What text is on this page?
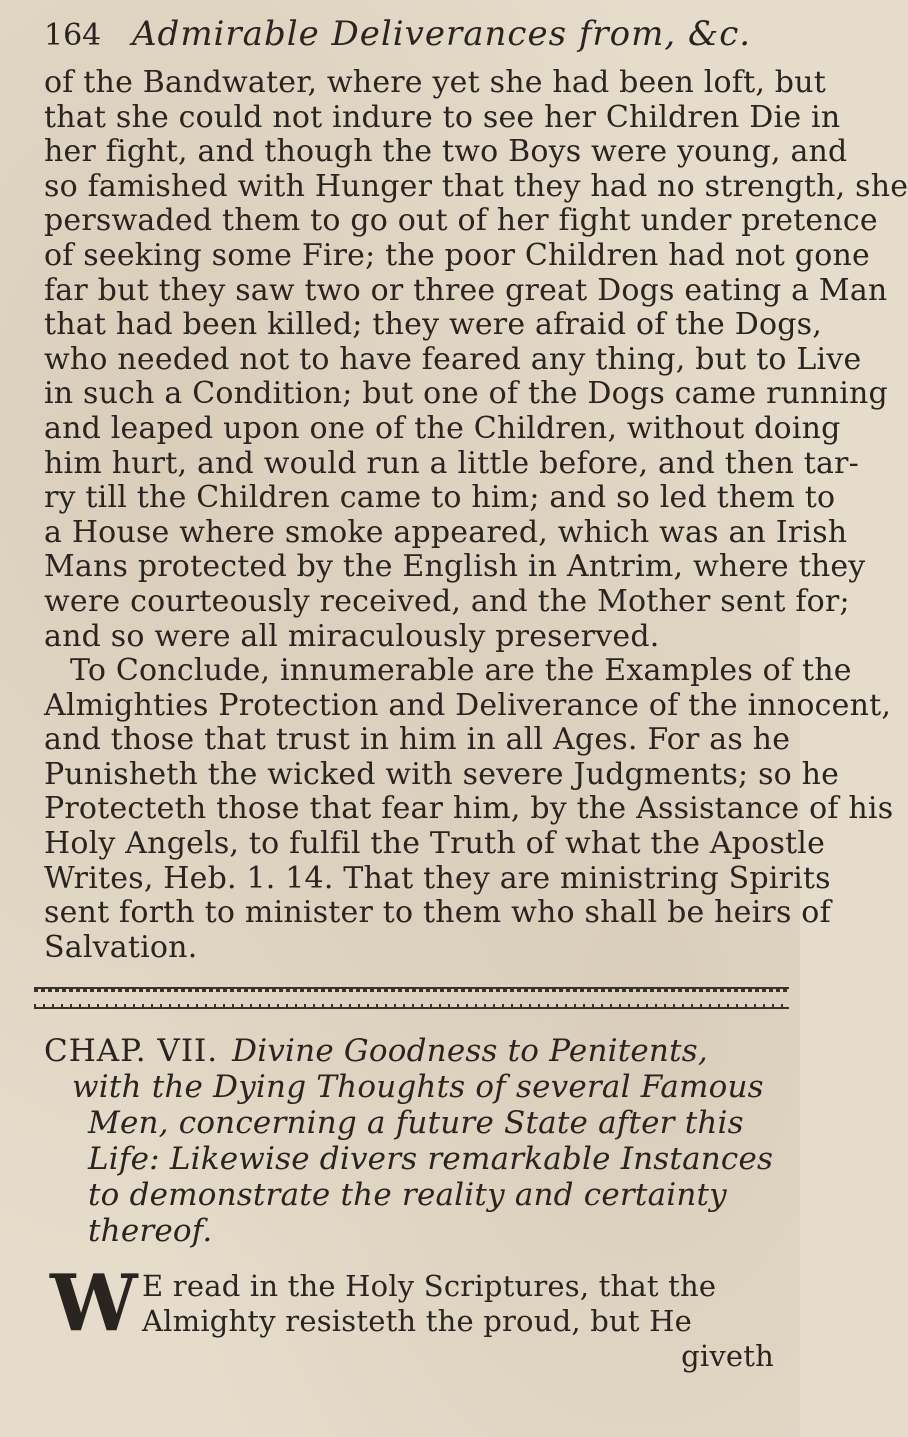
164 Admirable Deliverances from, &c.
of the Bandwater, where yet she had been loft, but
that she could not indure to see her Children Die in
her fight, and though the two Boys were young, and
so famished with Hunger that they had no strength, she
perswaded them to go out of her fight under pretence
of seeking some Fire; the poor Children had not gone
far but they saw two or three great Dogs eating a Man
that had been killed; they were afraid of the Dogs,
who needed not to have feared any thing, but to Live
in such a Condition; but one of the Dogs came running
and leaped upon one of the Children, without doing
him hurt, and would run a little before, and then tar-
ry till the Children came to him; and so led them to
a House where smoke appeared, which was an Irish
Mans protected by the English in Antrim, where they
were courteously received, and the Mother sent for;
and so were all miraculously preserved.
To Conclude, innumerable are the Examples of the
Almighties Protection and Deliverance of the innocent,
and those that trust in him in all Ages. For as he
Punisheth the wicked with severe Judgments; so he
Protecteth those that fear him, by the Assistance of his
Holy Angels, to fulfil the Truth of what the Apostle
Writes, Heb. 1. 14. That they are ministring Spirits
sent forth to minister to them who shall be heirs of
Salvation.
CHAP. VII. Divine Goodness to Penitents,
with the Dying Thoughts of several Famous
Men, concerning a future State after this
Life: Likewise divers remarkable Instances
to demonstrate the reality and certainty
thereof.
W E read in the Holy Scriptures, that the
Almighty resisteth the proud, but He
giveth
